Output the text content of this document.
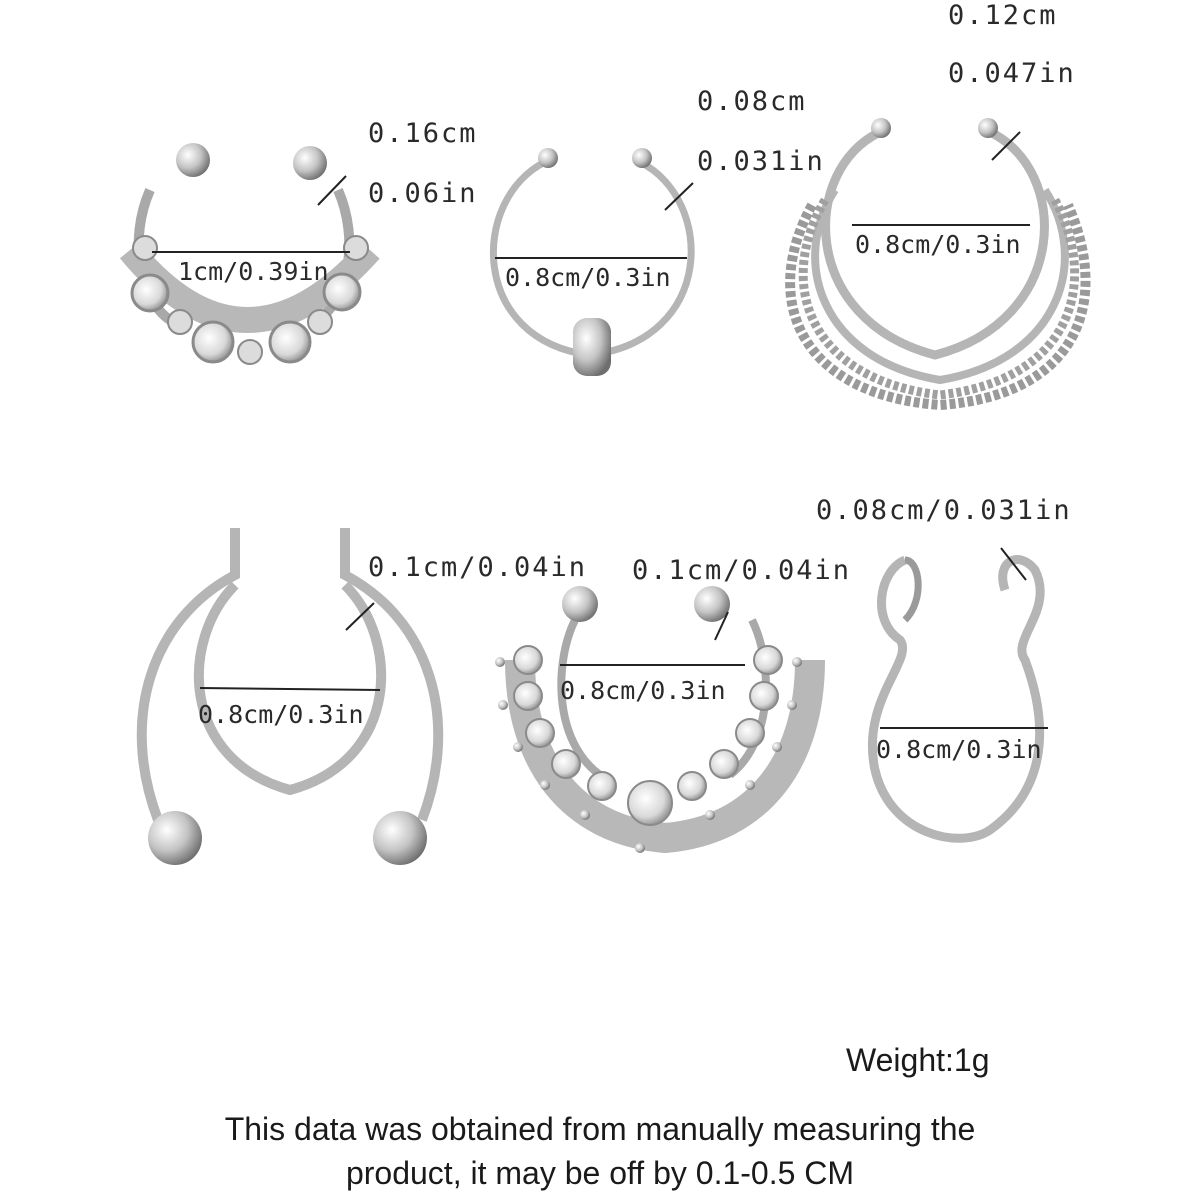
0.16cm
0.06in
1cm/0.39in
0.08cm
0.031in
0.8cm/0.3in
0.12cm
0.047in
0.8cm/0.3in
0.1cm/0.04in
0.8cm/0.3in
0.1cm/0.04in
0.8cm/0.3in
0.08cm/0.031in
0.8cm/0.3in
Weight:1g
This data was obtained from manually measuring the
product, it may be off by 0.1-0.5 CM
